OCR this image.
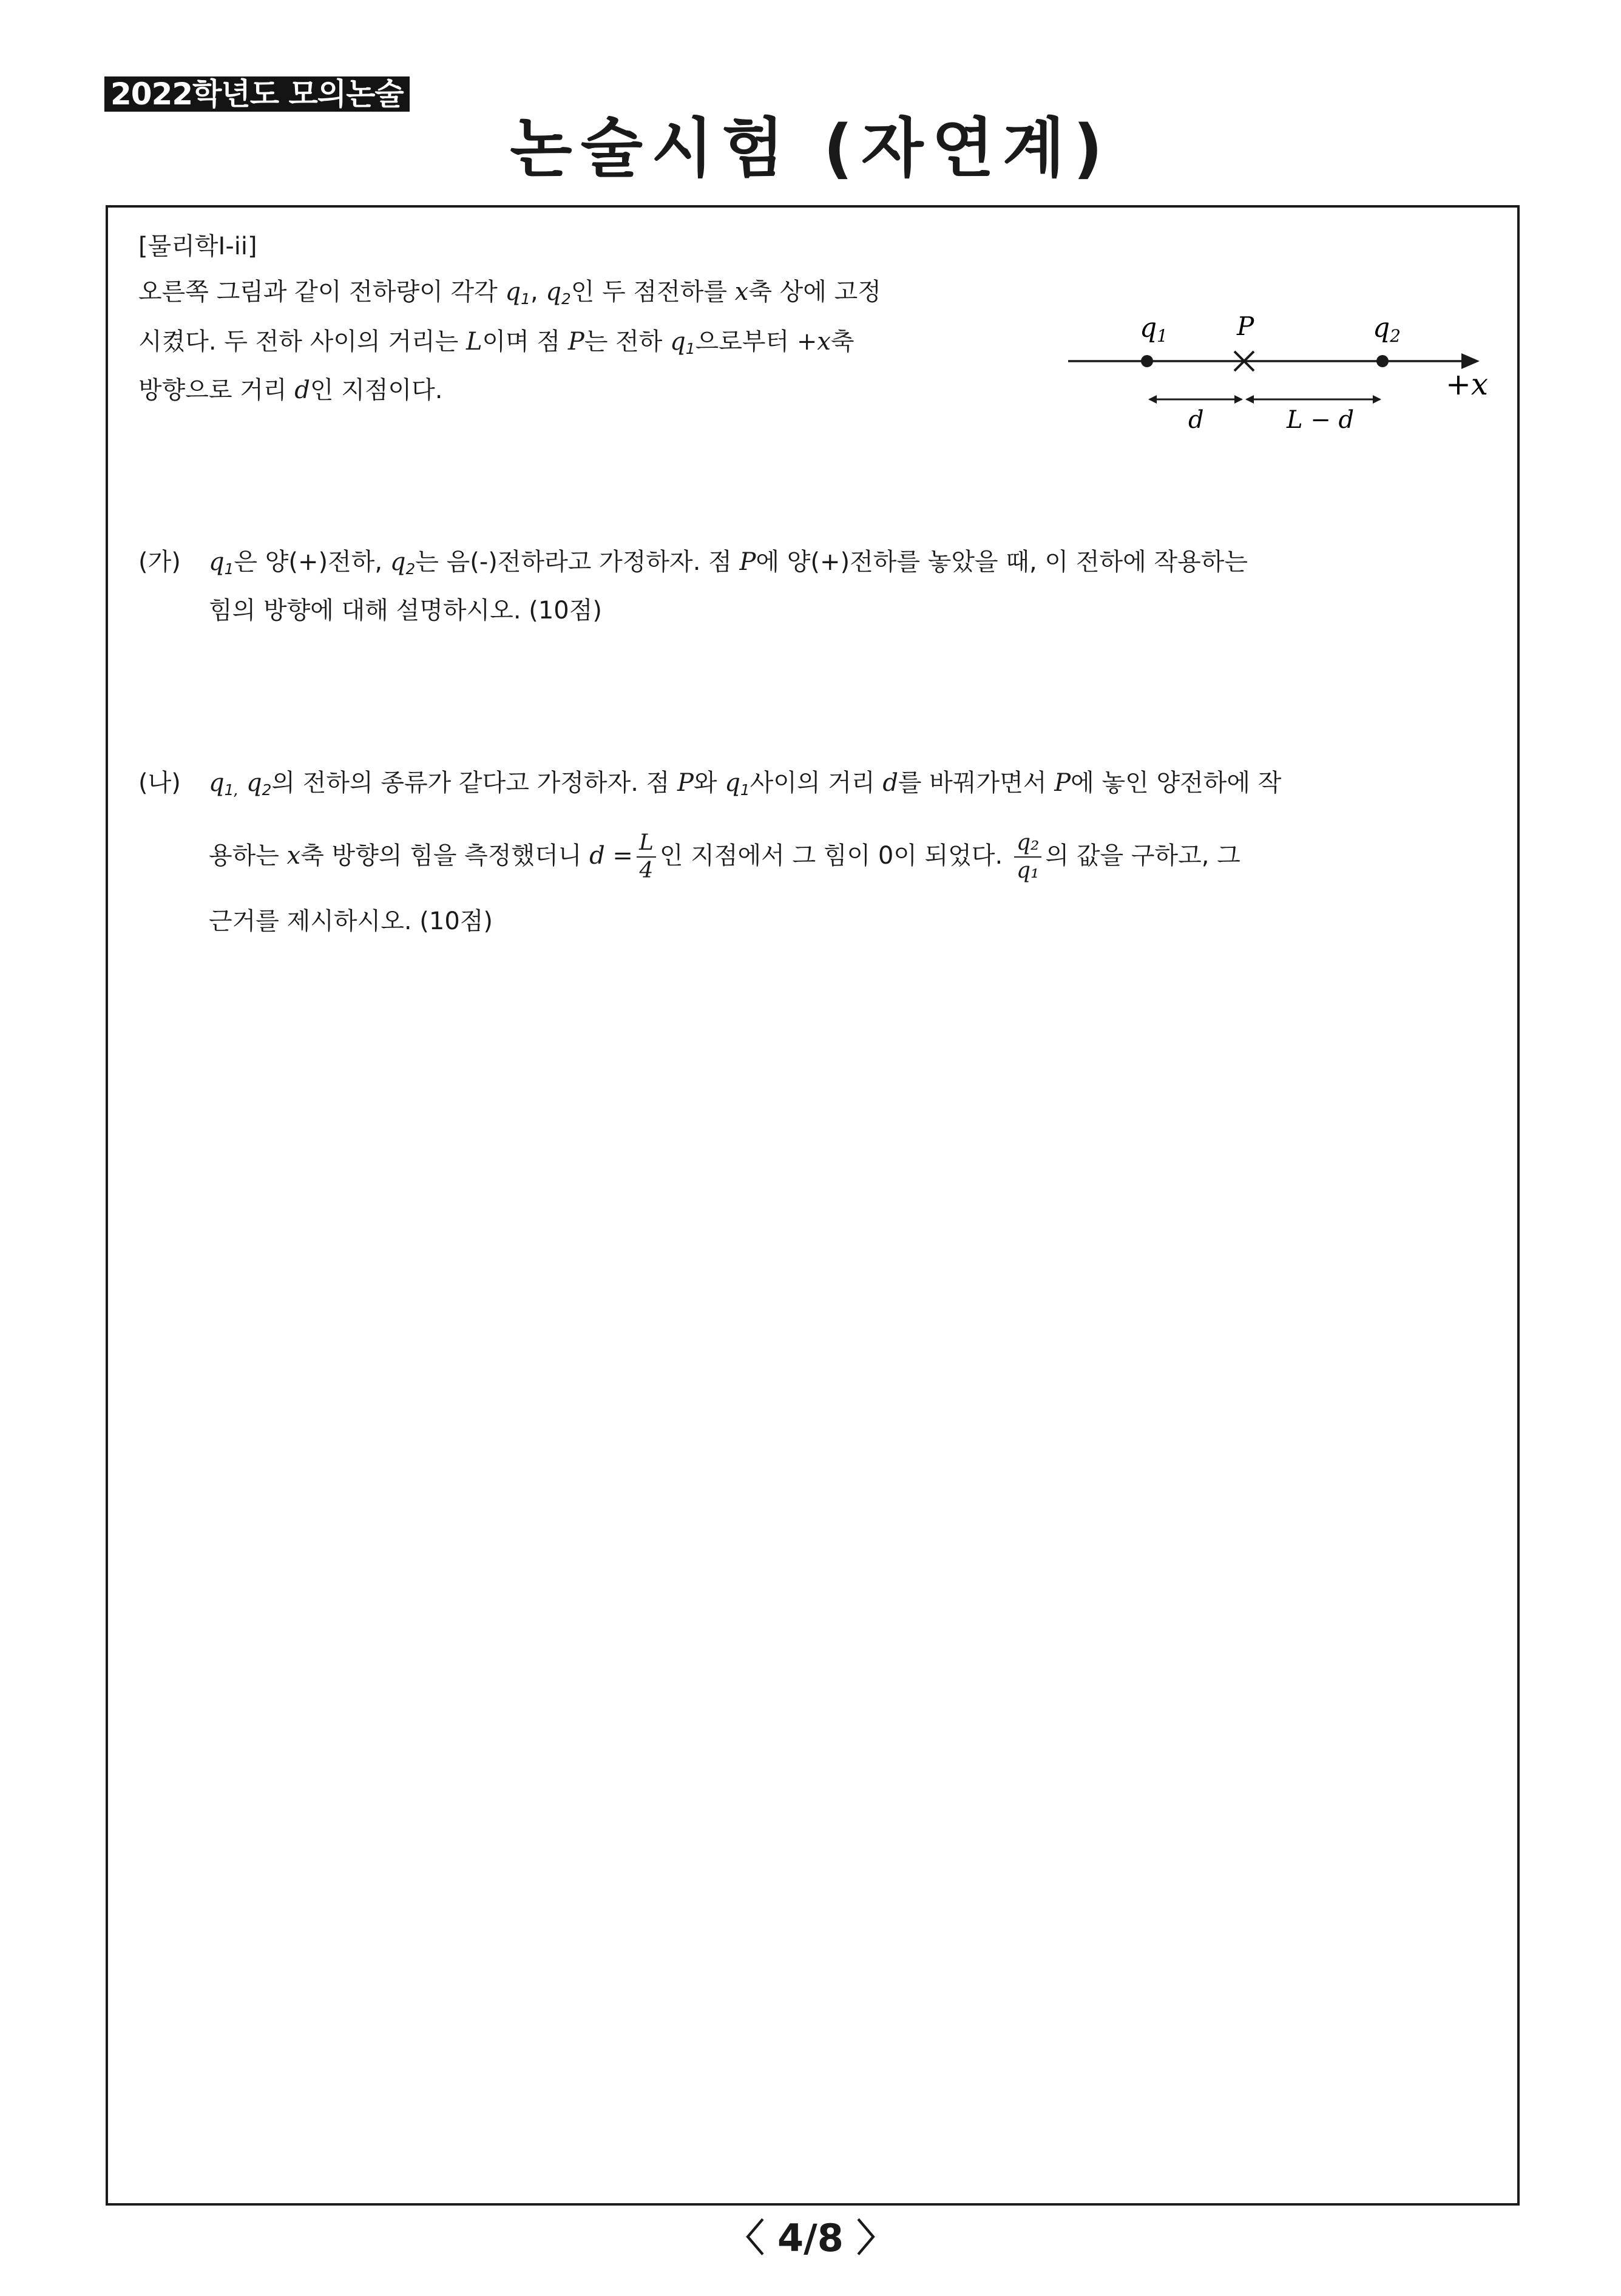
2022학년도 모의논술
논술시험 (자연계)
[물리학Ⅰ-ii]
오른쪽 그림과 같이 전하량이 각각 $q_1$, $q_2$인 두 점전하를 x축 상에 고정
시켰다. 두 전하 사이의 거리는 L이며 점 P는 전하 $q_1$으로부터 +x축
방향으로 거리 d인 지점이다.
q1	P	q2
+x
d	L − d
(가) $q_1$은 양(+)전하, $q_2$는 음(-)전하라고 가정하자. 점 P에 양(+)전하를 놓았을 때, 이 전하에 작용하는
힘의 방향에 대해 설명하시오. (10점)
(나) $q_{1,}$ $q_2$의 전하의 종류가 같다고 가정하자. 점 P와 $q_1$사이의 거리 d를 바꿔가면서 P에 놓인 양전하에 작
용하는 x축 방향의 힘을 측정했더니 $d = \frac{L}{4}$ 인 지점에서 그 힘이 0이 되었다. $\frac{\text{q₂}}{\text{q₁}}$ 의 값을 구하고, 그
근거를 제시하시오. (10점)
〈 4/8 〉
